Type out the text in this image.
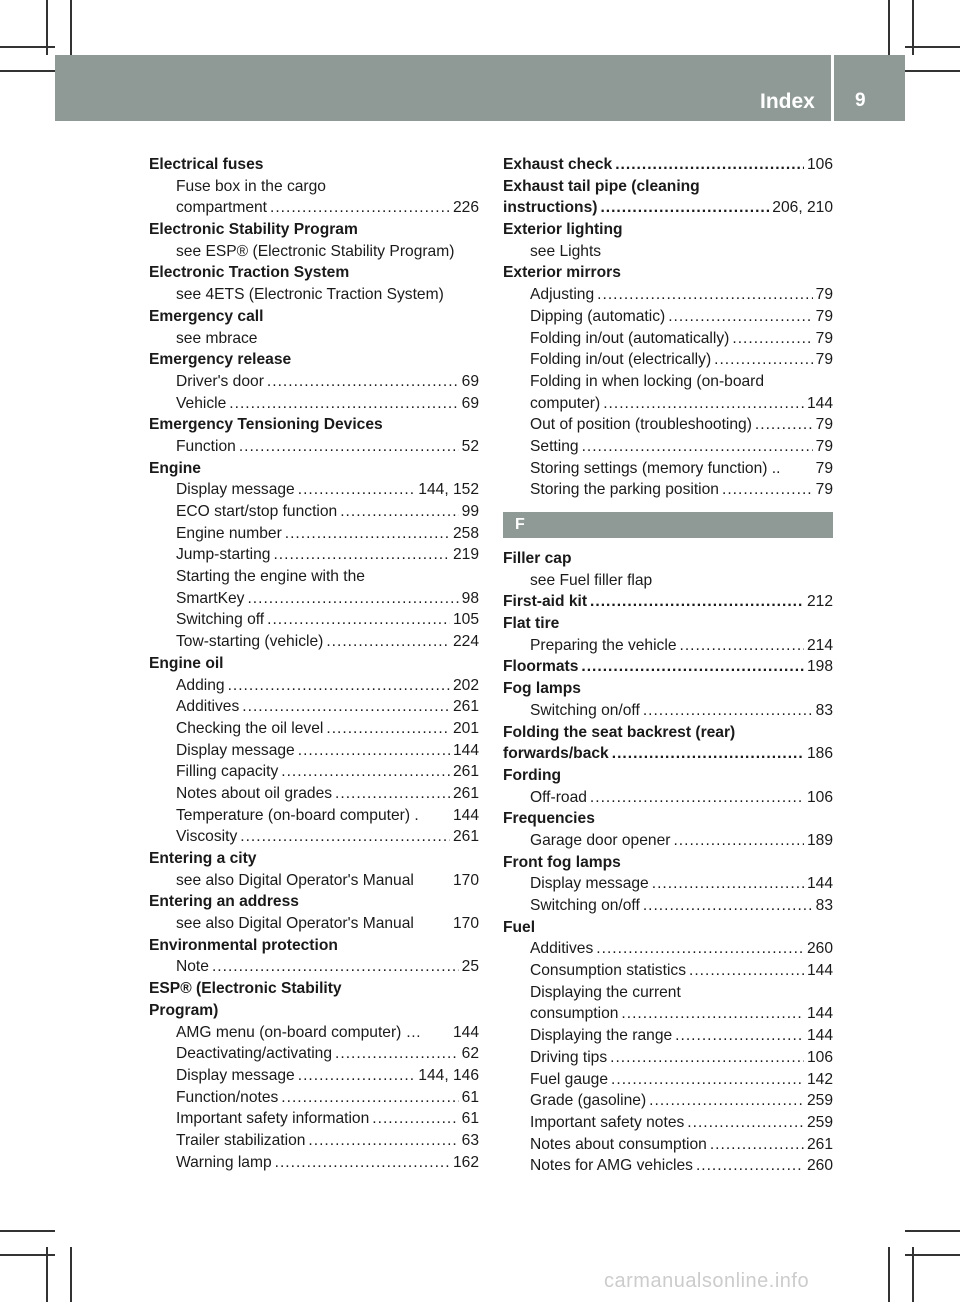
Index 9
Electrical fuses
Fuse box in the cargo
compartment .....	226
Electronic Stability Program
see ESP® (Electronic Stability Program)
Electronic Traction System
see 4ETS (Electronic Traction System)
Emergency call
see mbrace
Emergency release
Driver's door .....	69
Vehicle .....	69
Emergency Tensioning Devices
Function .....	52
Engine
Display message .....	144, 152
ECO start/stop function .....	99
Engine number .....	258
Jump-starting .....	219
Starting the engine with the
SmartKey .....	98
Switching off .....	105
Tow-starting (vehicle) .....	224
Engine oil
Adding .....	202
Additives .....	261
Checking the oil level .....	201
Display message .....	144
Filling capacity .....	261
Notes about oil grades .....	261
Temperature (on-board computer) . 144
Viscosity .....	261
Entering a city
see also Digital Operator's Manual	170
Entering an address
see also Digital Operator's Manual	170
Environmental protection
Note .....	25
ESP® (Electronic Stability
Program)
AMG menu (on-board computer) … 144
Deactivating/activating .....	62
Display message .....	144, 146
Function/notes .....	61
Important safety information .....	61
Trailer stabilization .....	63
Warning lamp .....	162
Exhaust check .....	106
Exhaust tail pipe (cleaning
instructions) .....	206, 210
Exterior lighting
see Lights
Exterior mirrors
Adjusting .....	79
Dipping (automatic) .....	79
Folding in/out (automatically) .....	79
Folding in/out (electrically) .....	79
Folding in when locking (on-board
computer) .....	144
Out of position (troubleshooting) .....	79
Setting .....	79
Storing settings (memory function) .. 79
Storing the parking position .....	79
F
Filler cap
see Fuel filler flap
First-aid kit .....	212
Flat tire
Preparing the vehicle .....	214
Floormats .....	198
Fog lamps
Switching on/off .....	83
Folding the seat backrest (rear)
forwards/back .....	186
Fording
Off-road .....	106
Frequencies
Garage door opener .....	189
Front fog lamps
Display message .....	144
Switching on/off .....	83
Fuel
Additives .....	260
Consumption statistics .....	144
Displaying the current
consumption .....	144
Displaying the range .....	144
Driving tips .....	106
Fuel gauge .....	142
Grade (gasoline) .....	259
Important safety notes .....	259
Notes about consumption .....	261
Notes for AMG vehicles .....	260
carmanualsonline.info
